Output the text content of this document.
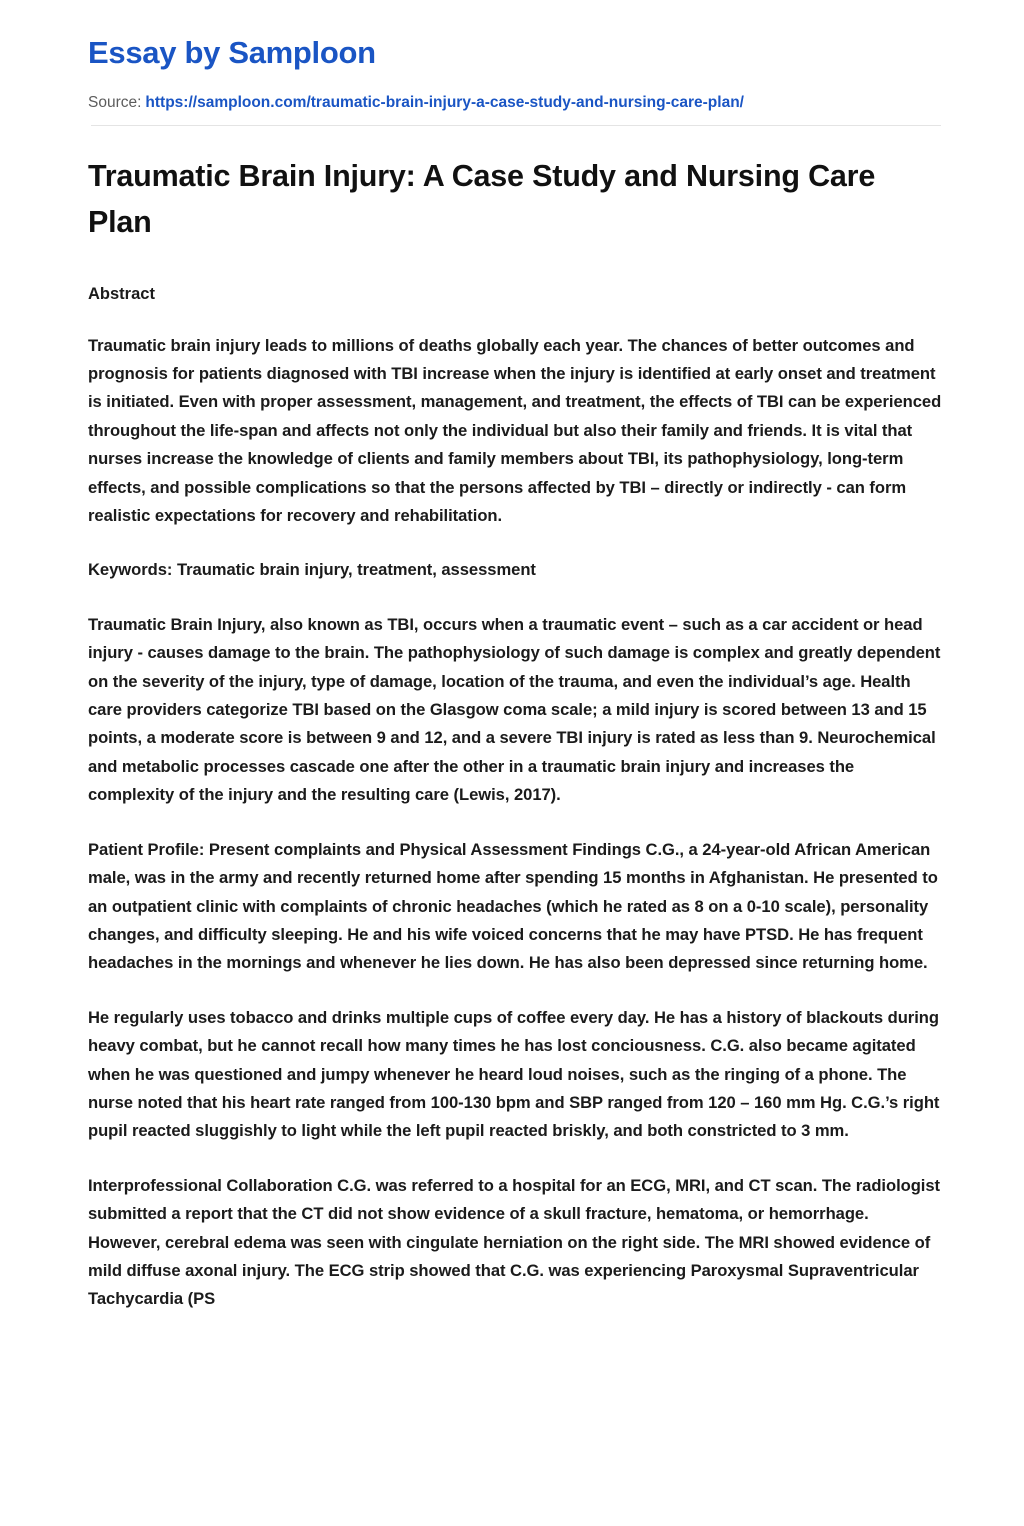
Essay by Samploon
Source: https://samploon.com/traumatic-brain-injury-a-case-study-and-nursing-care-plan/
Traumatic Brain Injury: A Case Study and Nursing Care Plan
Abstract

Traumatic brain injury leads to millions of deaths globally each year. The chances of better outcomes and prognosis for patients diagnosed with TBI increase when the injury is identified at early onset and treatment is initiated. Even with proper assessment, management, and treatment, the effects of TBI can be experienced throughout the life-span and affects not only the individual but also their family and friends. It is vital that nurses increase the knowledge of clients and family members about TBI, its pathophysiology, long-term effects, and possible complications so that the persons affected by TBI – directly or indirectly - can form realistic expectations for recovery and rehabilitation.

Keywords: Traumatic brain injury, treatment, assessment

Traumatic Brain Injury, also known as TBI, occurs when a traumatic event – such as a car accident or head injury - causes damage to the brain. The pathophysiology of such damage is complex and greatly dependent on the severity of the injury, type of damage, location of the trauma, and even the individual’s age. Health care providers categorize TBI based on the Glasgow coma scale; a mild injury is scored between 13 and 15 points, a moderate score is between 9 and 12, and a severe TBI injury is rated as less than 9. Neurochemical and metabolic processes cascade one after the other in a traumatic brain injury and increases the complexity of the injury and the resulting care (Lewis, 2017).

Patient Profile: Present complaints and Physical Assessment Findings C.G., a 24-year-old African American male, was in the army and recently returned home after spending 15 months in Afghanistan. He presented to an outpatient clinic with complaints of chronic headaches (which he rated as 8 on a 0-10 scale), personality changes, and difficulty sleeping. He and his wife voiced concerns that he may have PTSD. He has frequent headaches in the mornings and whenever he lies down. He has also been depressed since returning home.

He regularly uses tobacco and drinks multiple cups of coffee every day. He has a history of blackouts during heavy combat, but he cannot recall how many times he has lost conciousness. C.G. also became agitated when he was questioned and jumpy whenever he heard loud noises, such as the ringing of a phone. The nurse noted that his heart rate ranged from 100-130 bpm and SBP ranged from 120 – 160 mm Hg. C.G.’s right pupil reacted sluggishly to light while the left pupil reacted briskly, and both constricted to 3 mm.

Interprofessional Collaboration C.G. was referred to a hospital for an ECG, MRI, and CT scan. The radiologist submitted a report that the CT did not show evidence of a skull fracture, hematoma, or hemorrhage. However, cerebral edema was seen with cingulate herniation on the right side. The MRI showed evidence of mild diffuse axonal injury. The ECG strip showed that C.G. was experiencing Paroxysmal Supraventricular Tachycardia (PS
